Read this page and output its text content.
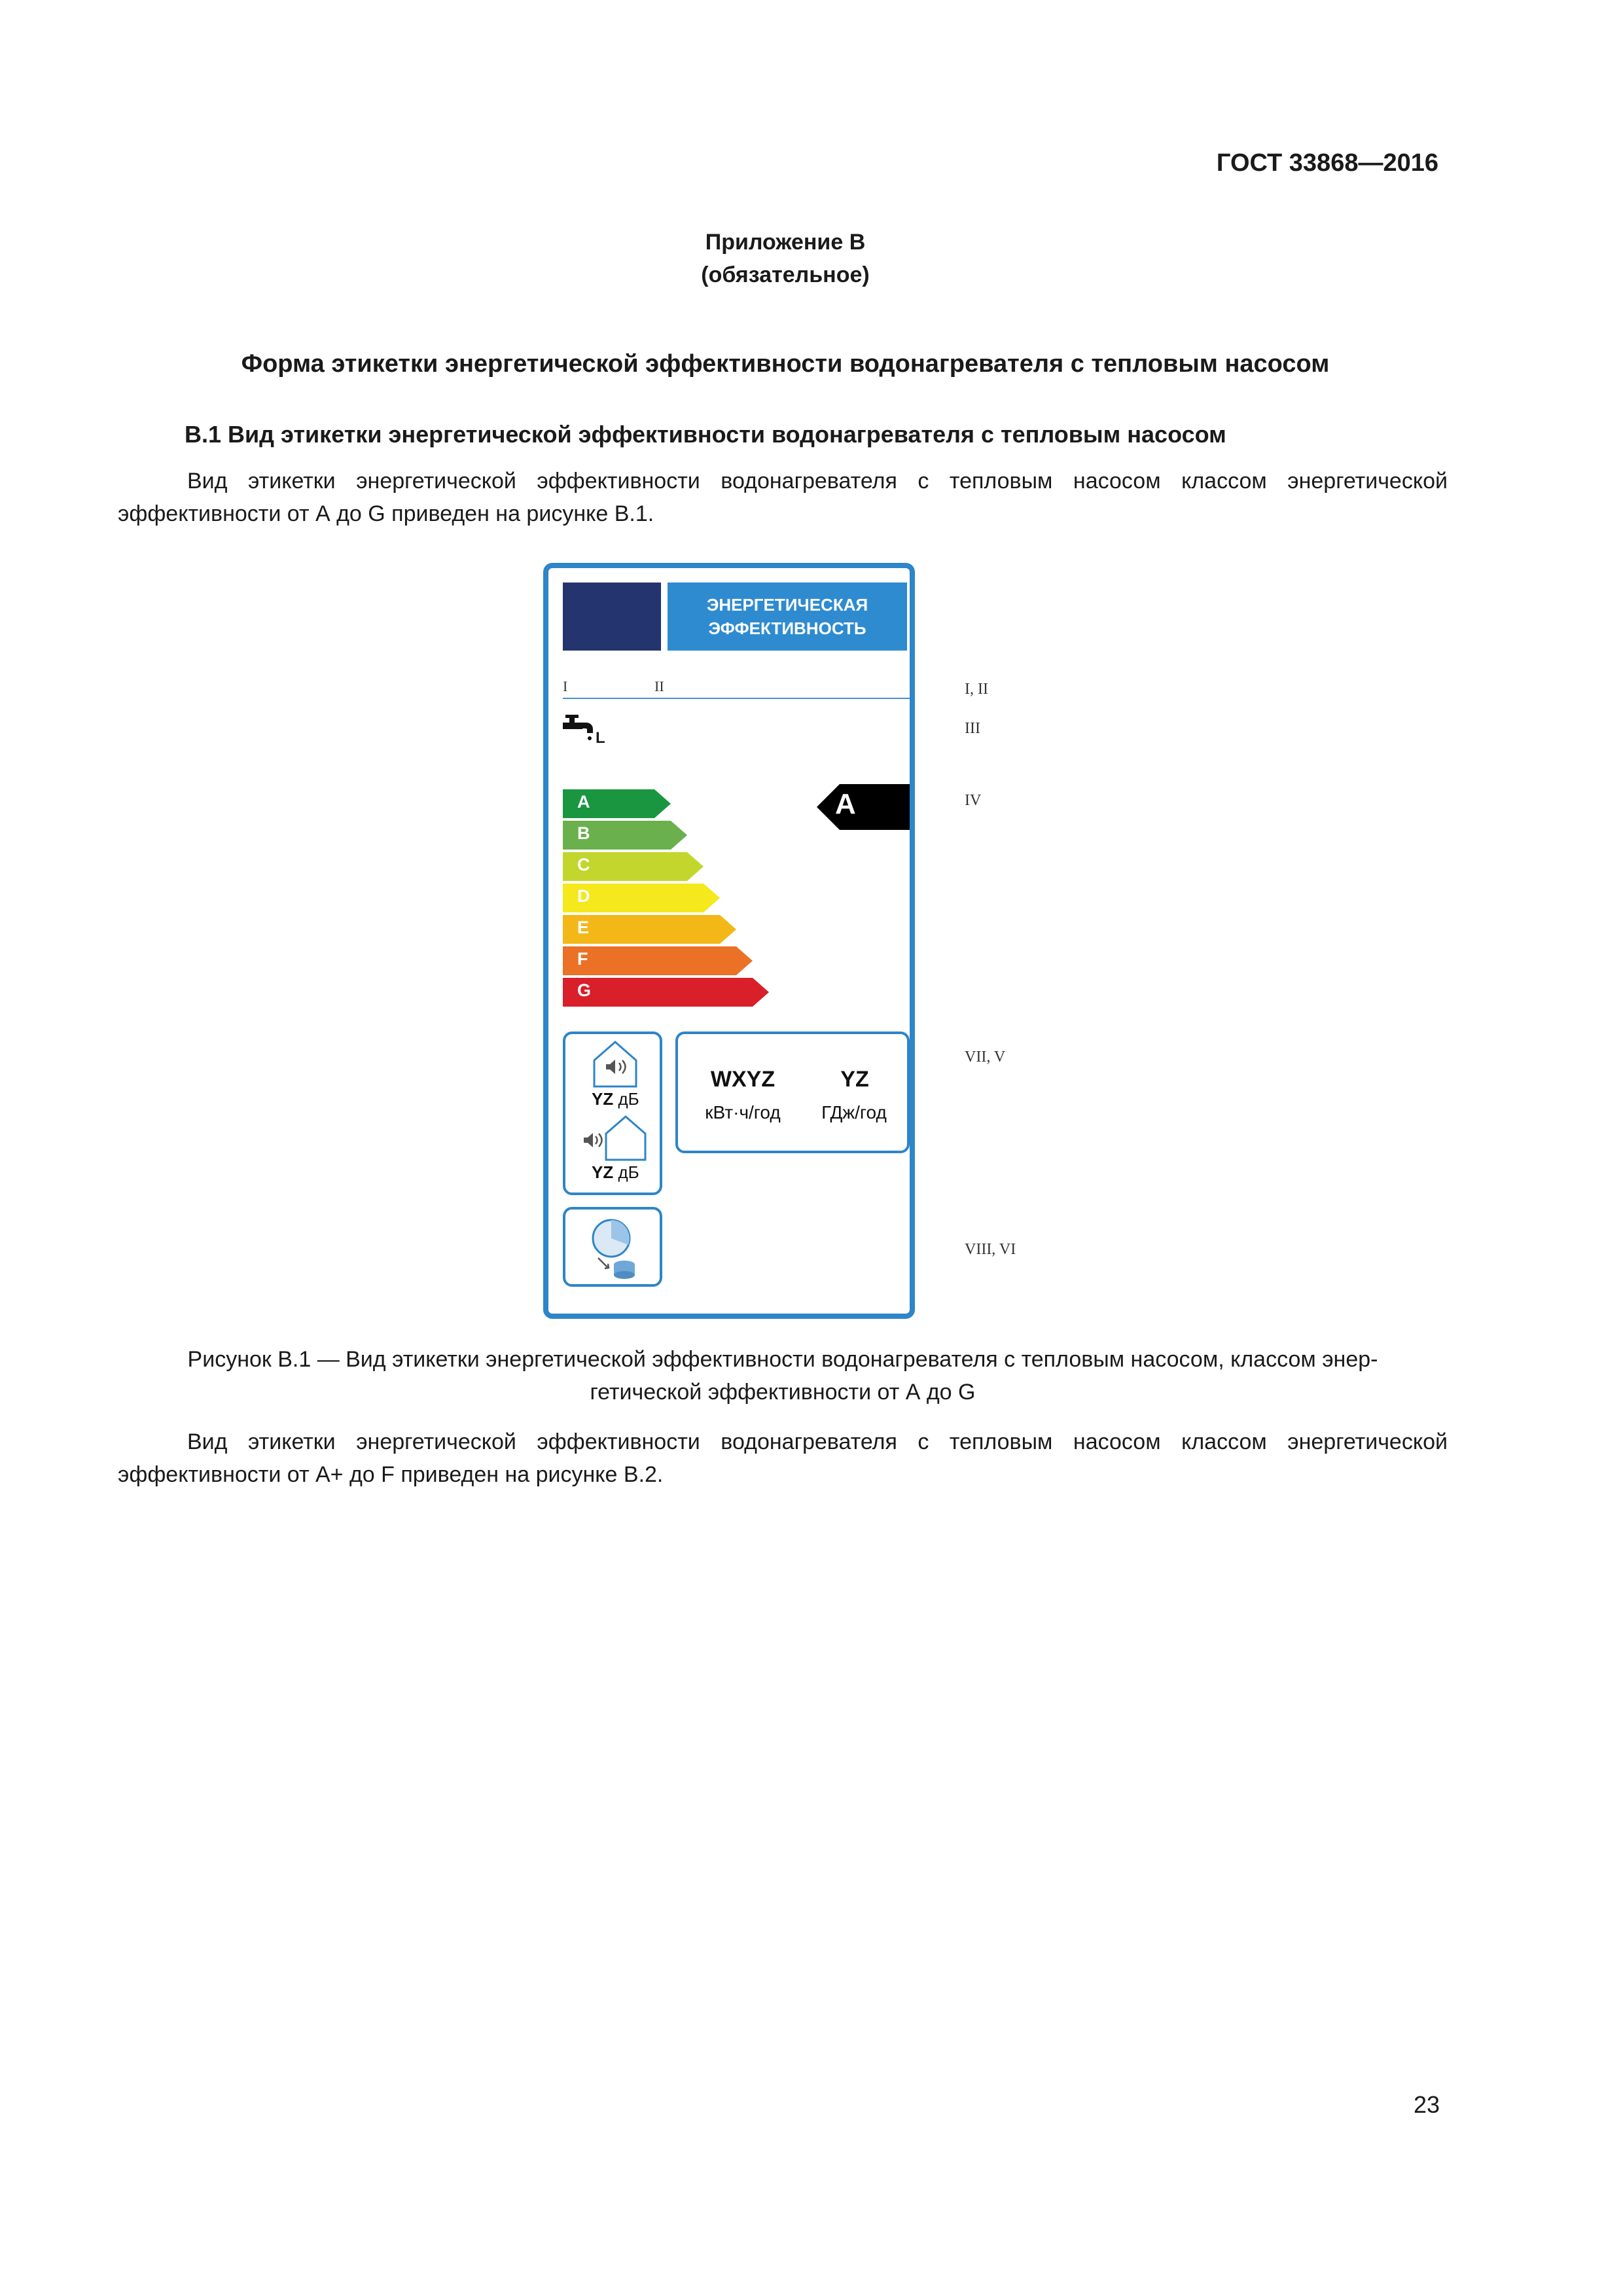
ГОСТ 33868—2016
Приложение В
(обязательное)
Форма этикетки энергетической эффективности водонагревателя с тепловым насосом
В.1 Вид этикетки энергетической эффективности водонагревателя с тепловым насосом
Вид этикетки энергетической эффективности водонагревателя с тепловым насосом классом энергетической эффективности от А до G приведен на рисунке В.1.
ЭНЕРГЕТИЧЕСКАЯ
ЭФФЕКТИВНОСТЬ
I	II
L
A
B
C
D
E
F
G
A
YZ дБ
YZ дБ
WXYZ
кВт·ч/год
YZ
ГДж/год
I, II
III
IV
VII, V
VIII, VI
Рисунок В.1 — Вид этикетки энергетической эффективности водонагревателя с тепловым насосом, классом энер-
гетической эффективности от А до G
Вид этикетки энергетической эффективности водонагревателя с тепловым насосом классом энергетической эффективности от А+ до F приведен на рисунке В.2.
23
